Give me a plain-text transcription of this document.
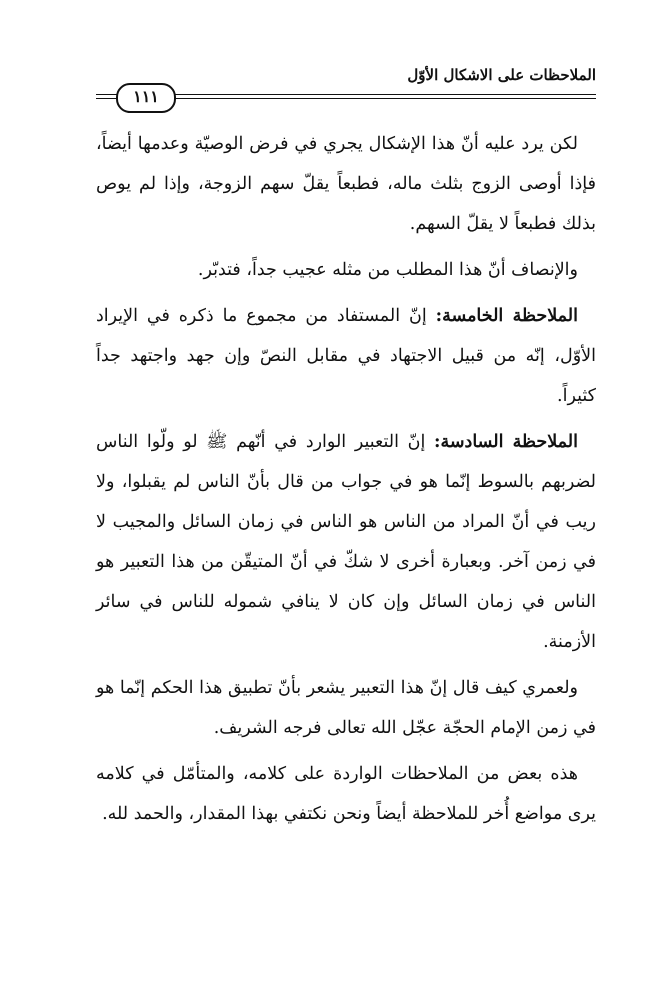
الملاحظات على الاشكال الأوّل
١١١

لكن يرد عليه أنّ هذا الإشكال يجري في فرض الوصيّة وعدمها أيضاً، فإذا أوصى الزوج بثلث ماله، فطبعاً يقلّ سهم الزوجة، وإذا لم يوص بذلك فطبعاً لا يقلّ السهم.

والإنصاف أنّ هذا المطلب من مثله عجيب جداً، فتدبّر.

الملاحظة الخامسة: إنّ المستفاد من مجموع ما ذكره في الإيراد الأوّل، إنّه من قبيل الاجتهاد في مقابل النصّ وإن جهد واجتهد جداً كثيراً.

الملاحظة السادسة: إنّ التعبير الوارد في أنّهم ﷺ لو ولّوا الناس لضربهم بالسوط إنّما هو في جواب من قال بأنّ الناس لم يقبلوا، ولا ريب في أنّ المراد من الناس هو الناس في زمان السائل والمجيب لا في زمن آخر. وبعبارة أخرى لا شكّ في أنّ المتيقّن من هذا التعبير هو الناس في زمان السائل وإن كان لا ينافي شموله للناس في سائر الأزمنة.

ولعمري كيف قال إنّ هذا التعبير يشعر بأنّ تطبيق هذا الحكم إنّما هو في زمن الإمام الحجّة عجّل الله تعالى فرجه الشريف.

هذه بعض من الملاحظات الواردة على كلامه، والمتأمّل في كلامه يرى مواضع أُخر للملاحظة أيضاً ونحن نكتفي بهذا المقدار، والحمد لله.
